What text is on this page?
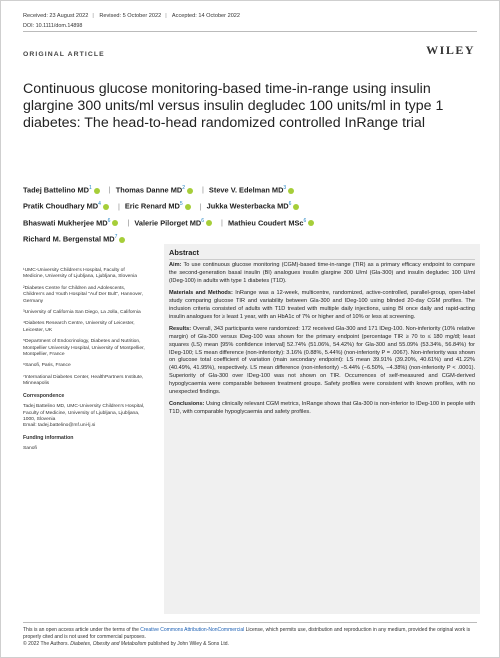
Received: 23 August 2022 | Revised: 5 October 2022 | Accepted: 14 October 2022
DOI: 10.1111/dom.14898
ORIGINAL ARTICLE	WILEY
Continuous glucose monitoring-based time-in-range using insulin glargine 300 units/ml versus insulin degludec 100 units/ml in type 1 diabetes: The head-to-head randomized controlled InRange trial
Tadej Battelino $MD^1$ | Thomas Danne $MD^2$ | Steve V. Edelman $MD^3$
Pratik Choudhary $MD^4$ | Eric Renard $MD^5$ | Jukka Westerbacka $MD^6$
Bhaswati Mukherjee $MD^6$ | Valerie Pilorget $MD^6$ | Mathieu Coudert MSc$^6$
Richard M. Bergenstal $MD^7$

¹UMC-University Children's Hospital, Faculty of Medicine, University of Ljubljana, Ljubljana, Slovenia

²Diabetes Centre for Children and Adolescents, Children's and Youth Hospital "Auf Der Bult", Hannover, Germany

³University of California San Diego, La Jolla, California

⁴Diabetes Research Centre, University of Leicester, Leicester, UK

⁵Department of Endocrinology, Diabetes and Nutrition, Montpellier University Hospital, University of Montpellier, Montpellier, France

⁶Sanofi, Paris, France

⁷International Diabetes Center, HealthPartners Institute, Minneapolis

Correspondence

Tadej Battelino MD, UMC-University Children's Hospital, Faculty of Medicine, University of Ljubljana, Ljubljana, 1000, Slovenia
Email: tadej.battelino@mf.uni-lj.si

Funding information

Sanofi

Abstract

Aim: To use continuous glucose monitoring (CGM)-based time-in-range (TIR) as a primary efficacy endpoint to compare the second-generation basal insulin (BI) analogues insulin glargine 300 U/ml (Gla-300) and insulin degludec 100 U/ml (IDeg-100) in adults with type 1 diabetes (T1D).

Materials and Methods: InRange was a 12-week, multicentre, randomized, active-controlled, parallel-group, open-label study comparing glucose TIR and variability between Gla-300 and IDeg-100 using blinded 20-day CGM profiles. The inclusion criteria consisted of adults with T1D treated with multiple daily injections, using BI once daily and rapid-acting insulin analogues for ≥ least 1 year, with an HbA1c of 7% or higher and of 10% or less at screening.

Results: Overall, 343 participants were randomized: 172 received Gla-300 and 171 IDeg-100. Non-inferiority (10% relative margin) of Gla-300 versus IDeg-100 was shown for the primary endpoint (percentage TIR ≥ 70 to ≤ 180 mg/dl; least squares (LS) mean [95% confidence interval] 52.74% (51.06%, 54.42%) for Gla-300 and 55.09% (53.34%, 56.84%) for IDeg-100; LS mean difference (non-inferiority): 3.16% (0.88%, 5.44%) (non-inferiority P = .0067). Non-inferiority was shown on glucose total coefficient of variation (main secondary endpoint): LS mean 39.91% (39.20%, 40.61%) and 41.22% (40.49%, 41.95%), respectively. LS mean difference (non-inferiority) −5.44% (−6.50%, −4.38%) (non-inferiority P < .0001). Superiority of Gla-300 over IDeg-100 was not shown on TIR. Occurrences of self-measured and CGM-derived hypoglycaemia were comparable between treatment groups. Safety profiles were consistent with known profiles, with no unexpected findings.

Conclusions: Using clinically relevant CGM metrics, InRange shows that Gla-300 is non-inferior to IDeg-100 in people with T1D, with comparable hypoglycaemia and safety profiles.

This is an open access article under the terms of the Creative Commons Attribution-NonCommercial License, which permits use, distribution and reproduction in any medium, provided the original work is properly cited and is not used for commercial purposes.
© 2022 The Authors. Diabetes, Obesity and Metabolism published by John Wiley & Sons Ltd.
